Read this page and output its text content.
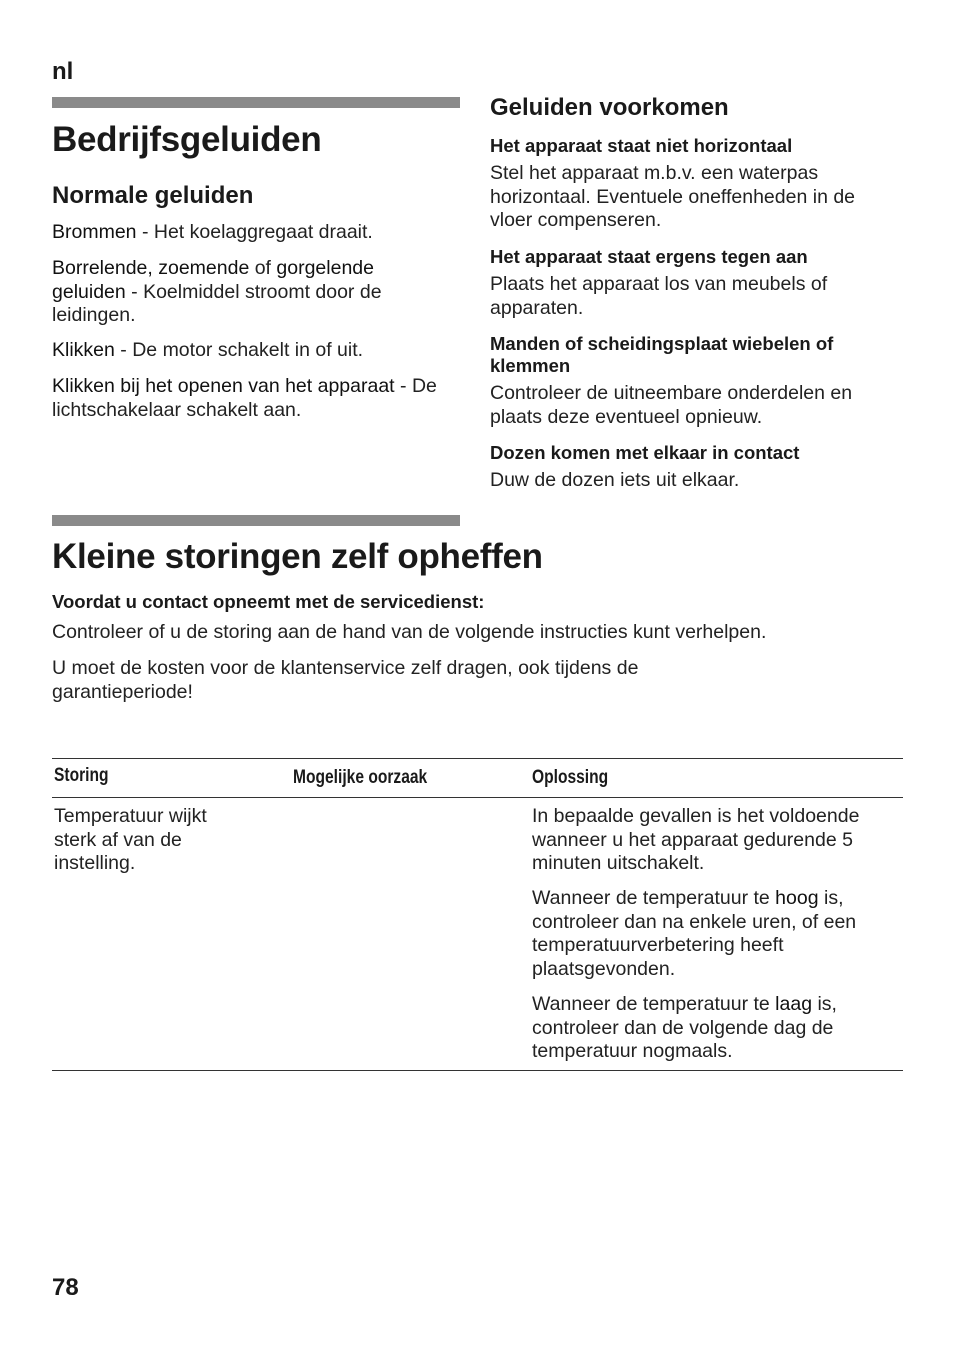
nl
Bedrijfsgeluiden
Normale geluiden
Brommen - Het koelaggregaat draait.
Borrelende, zoemende of gorgelende geluiden - Koelmiddel stroomt door de leidingen.
Klikken - De motor schakelt in of uit.
Klikken bij het openen van het apparaat - De lichtschakelaar schakelt aan.
Geluiden voorkomen
Het apparaat staat niet horizontaal
Stel het apparaat m.b.v. een waterpas horizontaal. Eventuele oneffenheden in de vloer compenseren.
Het apparaat staat ergens tegen aan
Plaats het apparaat los van meubels of apparaten.
Manden of scheidingsplaat wiebelen of klemmen
Controleer de uitneembare onderdelen en plaats deze eventueel opnieuw.
Dozen komen met elkaar in contact
Duw de dozen iets uit elkaar.
Kleine storingen zelf opheffen
Voordat u contact opneemt met de servicedienst:
Controleer of u de storing aan de hand van de volgende instructies kunt verhelpen.
U moet de kosten voor de klantenservice zelf dragen, ook tijdens de garantieperiode!
Storing	Mogelijke oorzaak	Oplossing
Temperatuur wijkt sterk af van de instelling.
In bepaalde gevallen is het voldoende wanneer u het apparaat gedurende 5 minuten uitschakelt.
Wanneer de temperatuur te hoog is, controleer dan na enkele uren, of een temperatuurverbetering heeft plaatsgevonden.
Wanneer de temperatuur te laag is, controleer dan de volgende dag de temperatuur nogmaals.
78
